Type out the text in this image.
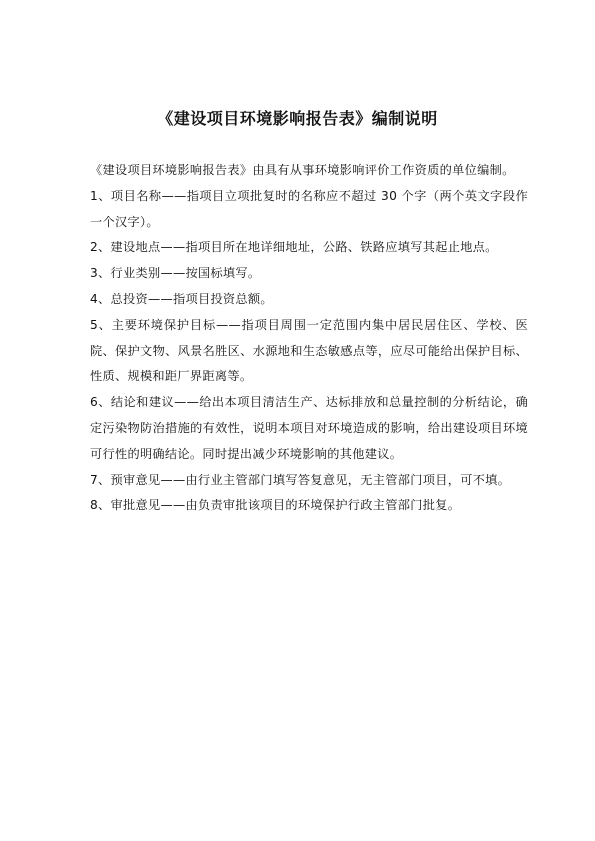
《建设项目环境影响报告表》编制说明

《建设项目环境影响报告表》由具有从事环境影响评价工作资质的单位编制。

1、项目名称——指项目立项批复时的名称应不超过 30 个字（两个英文字段作一个汉字）。

2、建设地点——指项目所在地详细地址，公路、铁路应填写其起止地点。

3、行业类别——按国标填写。

4、总投资——指项目投资总额。

5、主要环境保护目标——指项目周围一定范围内集中居民居住区、学校、医院、保护文物、风景名胜区、水源地和生态敏感点等，应尽可能给出保护目标、性质、规模和距厂界距离等。

6、结论和建议——给出本项目清洁生产、达标排放和总量控制的分析结论，确定污染物防治措施的有效性，说明本项目对环境造成的影响，给出建设项目环境可行性的明确结论。同时提出减少环境影响的其他建议。

7、预审意见——由行业主管部门填写答复意见，无主管部门项目，可不填。

8、审批意见——由负责审批该项目的环境保护行政主管部门批复。
